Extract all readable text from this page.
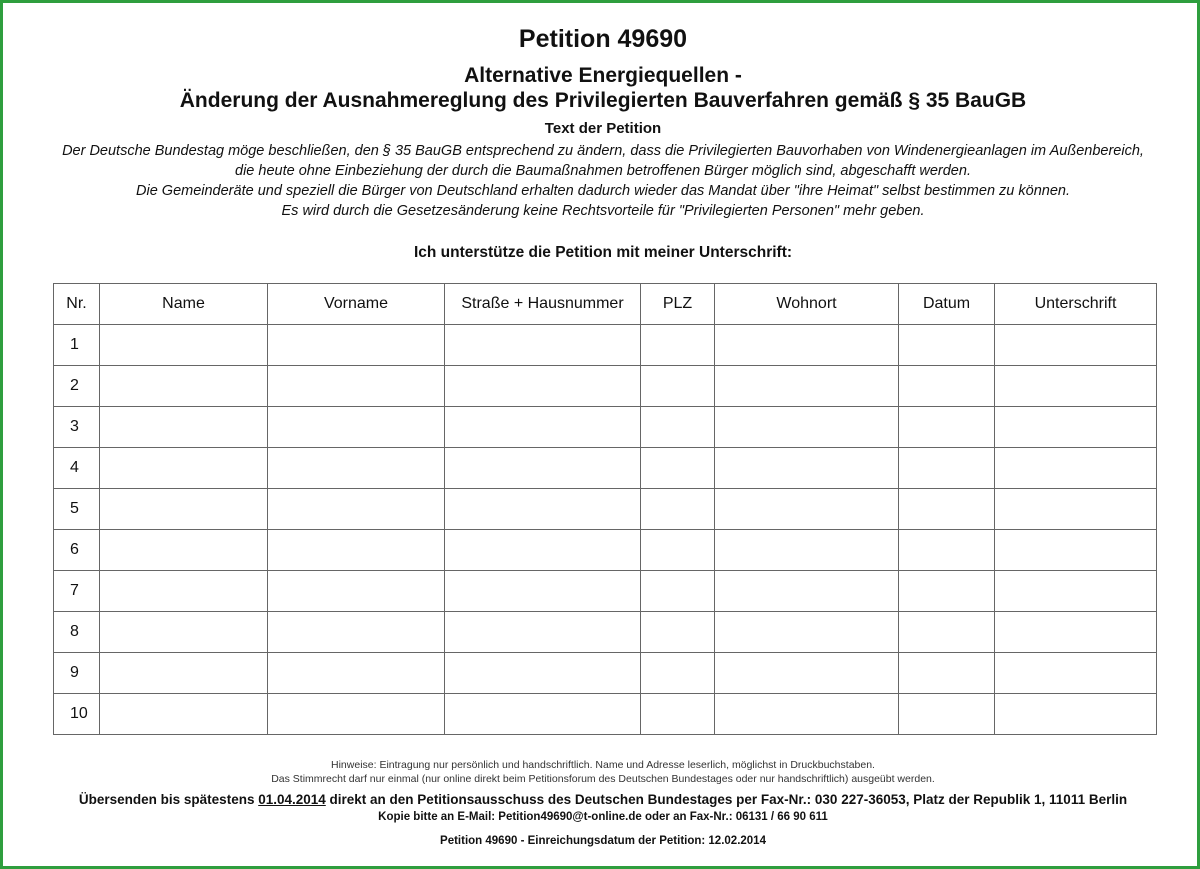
Petition 49690
Alternative Energiequellen -
Änderung der Ausnahmereglung des Privilegierten Bauverfahren gemäß § 35 BauGB
Text der Petition
Der Deutsche Bundestag möge beschließen, den § 35 BauGB entsprechend zu ändern, dass die Privilegierten Bauvorhaben von Windenergieanlagen im Außenbereich,
die heute ohne Einbeziehung der durch die Baumaßnahmen betroffenen Bürger möglich sind, abgeschafft werden.
Die Gemeinderäte und speziell die Bürger von Deutschland erhalten dadurch wieder das Mandat über "ihre Heimat" selbst bestimmen zu können.
Es wird durch die Gesetzesänderung keine Rechtsvorteile für "Privilegierten Personen" mehr geben.
Ich unterstütze die Petition mit meiner Unterschrift:
Nr.	Name	Vorname	Straße + Hausnummer	PLZ	Wohnort	Datum	Unterschrift
1							
2							
3							
4							
5							
6							
7							
8							
9							
10							
Hinweise: Eintragung nur persönlich und handschriftlich. Name und Adresse leserlich, möglichst in Druckbuchstaben.
Das Stimmrecht darf nur einmal (nur online direkt beim Petitionsforum des Deutschen Bundestages oder nur handschriftlich) ausgeübt werden.
Übersenden bis spätestens 01.04.2014 direkt an den Petitionsausschuss des Deutschen Bundestages per Fax-Nr.: 030 227-36053, Platz der Republik 1, 11011 Berlin
Kopie bitte an E-Mail: Petition49690@t-online.de oder an Fax-Nr.: 06131 / 66 90 611
Petition 49690 - Einreichungsdatum der Petition: 12.02.2014
